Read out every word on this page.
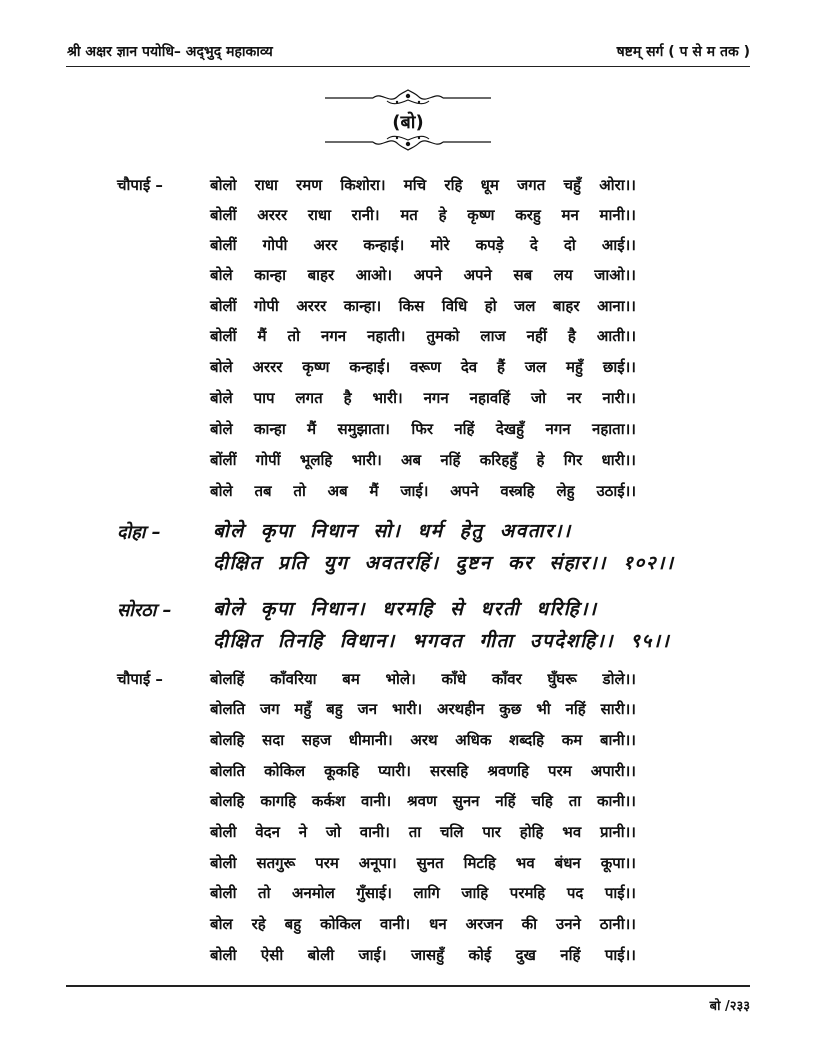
श्री अक्षर ज्ञान पयोधि– अद्‌भुद्‌ महाकाव्य	षष्टम् सर्ग ( प से म तक )
(बो)
चौपाई –	बोलो राधा रमण किशोरा। मचि रहि धूम जगत चहुँ ओरा।।
बोलीं अररर राधा रानी। मत हे कृष्ण करहु मन मानी।।
बोलीं गोपी अरर कन्हाई। मोरे कपड़े दे दो आई।।
बोले कान्हा बाहर आओ। अपने अपने सब लय जाओ।।
बोलीं गोपी अररर कान्हा। किस विधि हो जल बाहर आना।।
बोलीं मैं तो नगन नहाती। तुमको लाज नहीं है आती।।
बोले अररर कृष्ण कन्हाई। वरूण देव हैं जल महुँ छाई।।
बोले पाप लगत है भारी। नगन नहावहिं जो नर नारी।।
बोले कान्हा मैं समुझाता। फिर नहिं देखहुँ नगन नहाता।।
बोंलीं गोपीं भूलहि भारी। अब नहिं करिहहुँ हे गिर धारी।।
बोले तब तो अब मैं जाई। अपने वस्त्रहि लेहु उठाई।।
दोहा –	बोले कृपा निधान सो। धर्म हेतु अवतार।।
दीक्षित प्रति युग अवतरहिं। दुष्टन कर संहार।। १०२।।
सोरठा – बोले कृपा निधान। धरमहि से धरती धरिहि।।
दीक्षित तिनहि विधान। भगवत गीता उपदेशहि।। ९५।।
चौपाई –	बोलहिं काँवरिया बम भोले। काँधे काँवर घुँघरू डोले।।
बोलति जग महुँ बहु जन भारी। अरथहीन कुछ भी नहिं सारी।।
बोलहि सदा सहज धीमानी। अरथ अधिक शब्दहि कम बानी।।
बोलति कोकिल कूकहि प्यारी। सरसहि श्रवणहि परम अपारी।।
बोलहि कागहि कर्कश वानी। श्रवण सुनन नहिं चहि ता कानी।।
बोली वेदन ने जो वानी। ता चलि पार होहि भव प्रानी।।
बोली सतगुरू परम अनूपा। सुनत मिटहि भव बंधन कूपा।।
बोली तो अनमोल गुँसाई। लागि जाहि परमहि पद पाई।।
बोल रहे बहु कोकिल वानी। धन अरजन की उनने ठानी।।
बोली ऐसी बोली जाई। जासहुँ कोई दुख नहिं पाई।।
बो /२३३
